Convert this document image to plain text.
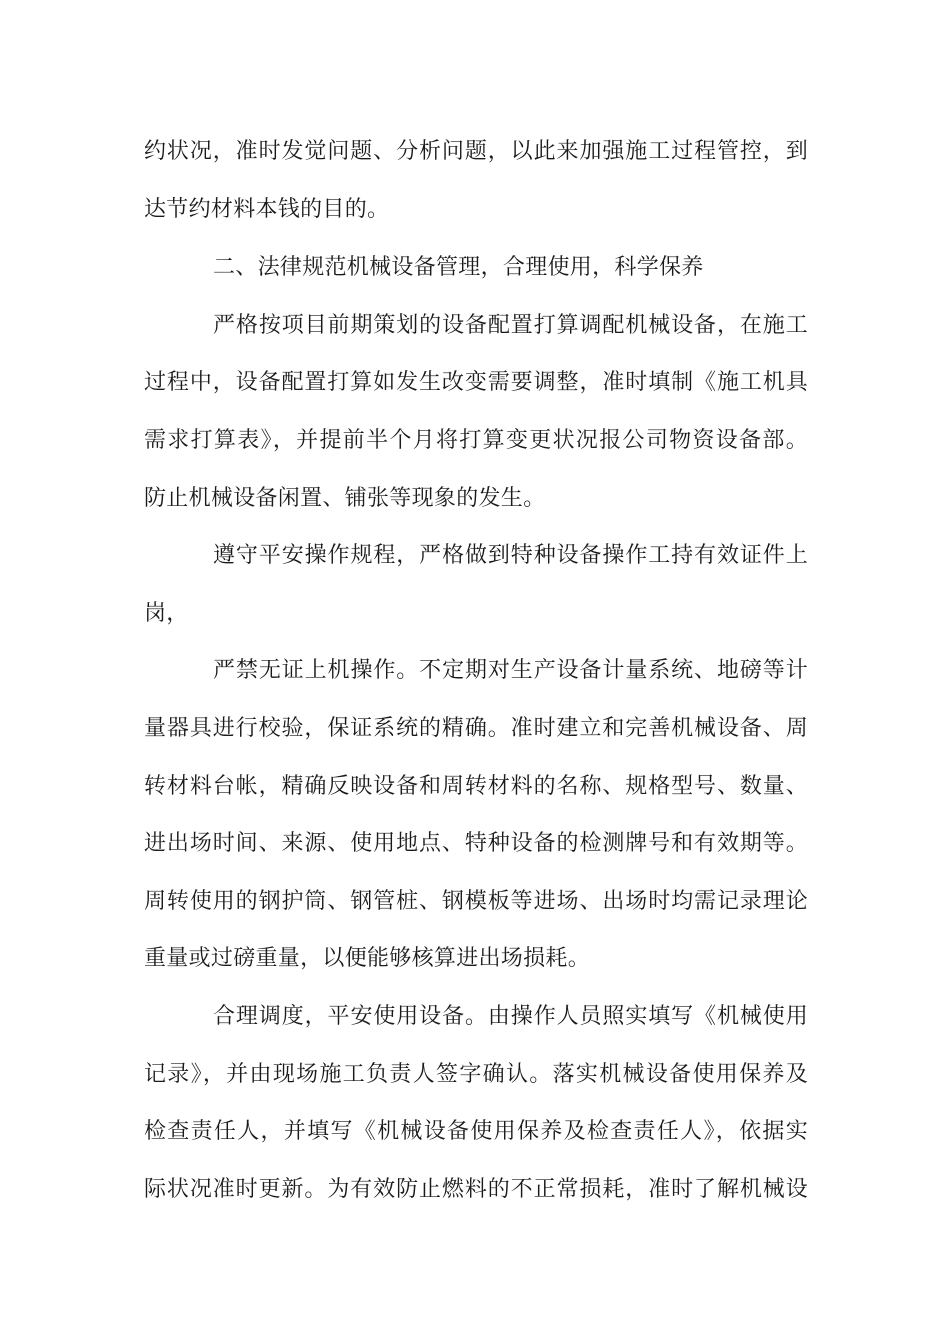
约状况，准时发觉问题、分析问题，以此来加强施工过程管控，到
达节约材料本钱的目的。
二、法律规范机械设备管理，合理使用，科学保养
严格按项目前期策划的设备配置打算调配机械设备，在施工
过程中，设备配置打算如发生改变需要调整，准时填制《施工机具
需求打算表》，并提前半个月将打算变更状况报公司物资设备部。
防止机械设备闲置、铺张等现象的发生。
遵守平安操作规程，严格做到特种设备操作工持有效证件上
岗，
严禁无证上机操作。不定期对生产设备计量系统、地磅等计
量器具进行校验，保证系统的精确。准时建立和完善机械设备、周
转材料台帐，精确反映设备和周转材料的名称、规格型号、数量、
进出场时间、来源、使用地点、特种设备的检测牌号和有效期等。
周转使用的钢护筒、钢管桩、钢模板等进场、出场时均需记录理论
重量或过磅重量，以便能够核算进出场损耗。
合理调度，平安使用设备。由操作人员照实填写《机械使用
记录》，并由现场施工负责人签字确认。落实机械设备使用保养及
检查责任人，并填写《机械设备使用保养及检查责任人》，依据实
际状况准时更新。为有效防止燃料的不正常损耗，准时了解机械设
